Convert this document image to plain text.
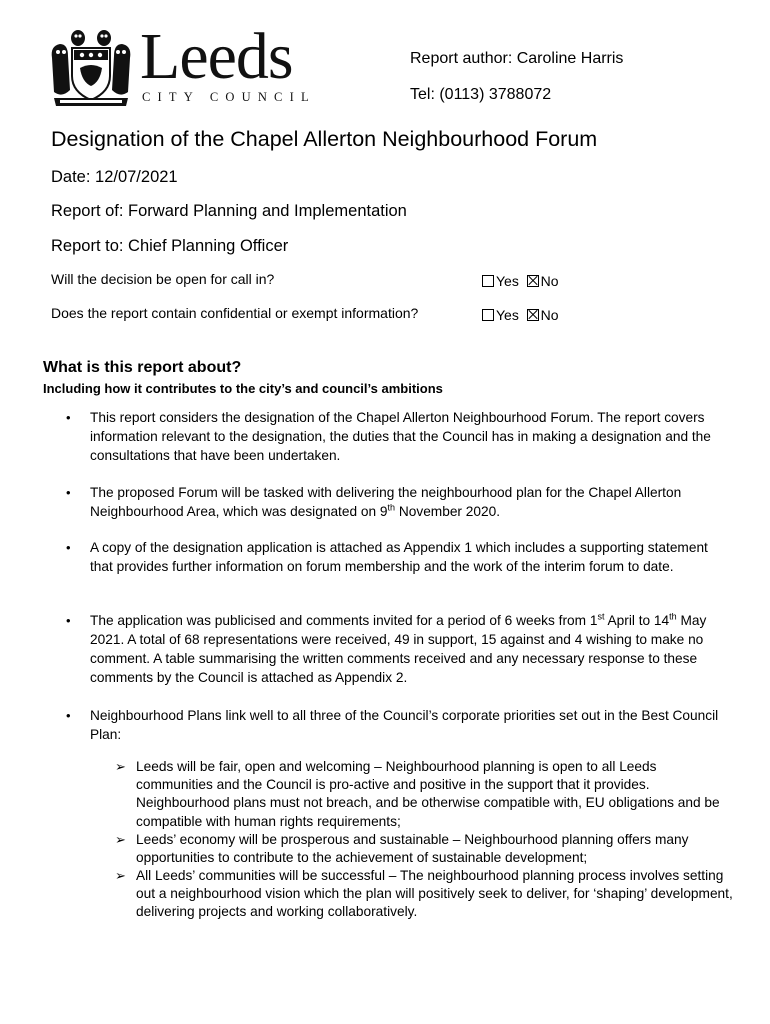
Leeds
CITY COUNCIL
Report author: Caroline Harris
Tel: (0113) 3788072
Designation of the Chapel Allerton Neighbourhood Forum
Date: 12/07/2021
Report of: Forward Planning and Implementation
Report to: Chief Planning Officer
Will the decision be open for call in?	Yes No
Does the report contain confidential or exempt information?	Yes No
What is this report about?
Including how it contributes to the city’s and council’s ambitions
• This report considers the designation of the Chapel Allerton Neighbourhood Forum. The report covers information relevant to the designation, the duties that the Council has in making a designation and the consultations that have been undertaken.
• The proposed Forum will be tasked with delivering the neighbourhood plan for the Chapel Allerton Neighbourhood Area, which was designated on 9th November 2020.
• A copy of the designation application is attached as Appendix 1 which includes a supporting statement that provides further information on forum membership and the work of the interim forum to date.
• The application was publicised and comments invited for a period of 6 weeks from 1st April to 14th May 2021. A total of 68 representations were received, 49 in support, 15 against and 4 wishing to make no comment. A table summarising the written comments received and any necessary response to these comments by the Council is attached as Appendix 2.
• Neighbourhood Plans link well to all three of the Council’s corporate priorities set out in the Best Council Plan:
➢ Leeds will be fair, open and welcoming – Neighbourhood planning is open to all Leeds communities and the Council is pro-active and positive in the support that it provides. Neighbourhood plans must not breach, and be otherwise compatible with, EU obligations and be compatible with human rights requirements;
➢ Leeds’ economy will be prosperous and sustainable – Neighbourhood planning offers many opportunities to contribute to the achievement of sustainable development;
➢ All Leeds’ communities will be successful – The neighbourhood planning process involves setting out a neighbourhood vision which the plan will positively seek to deliver, for ‘shaping’ development, delivering projects and working collaboratively.
